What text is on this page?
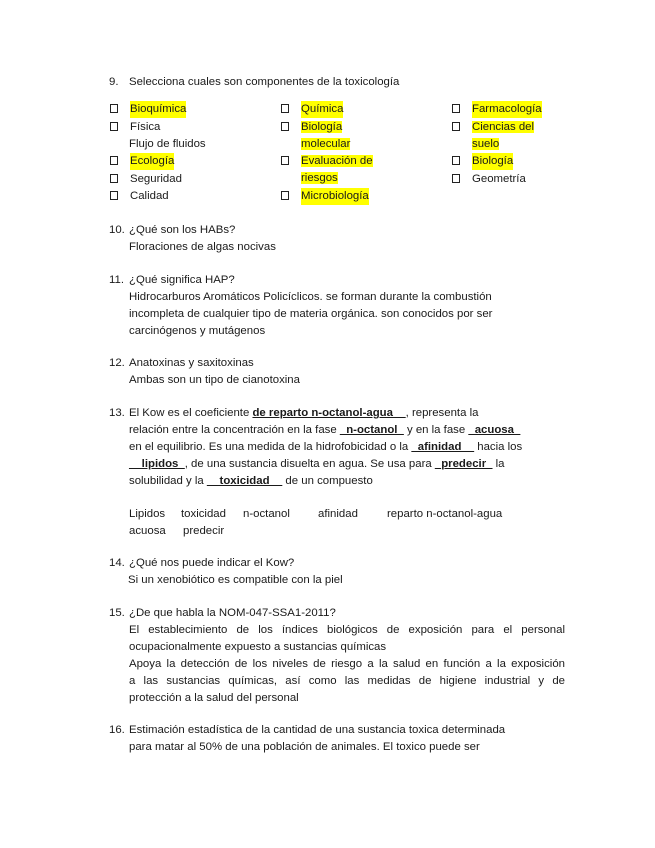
9. Selecciona cuales son componentes de la toxicología
Bioquímica
Física
Flujo de fluidos
Ecología
Seguridad
Calidad
Química
Biología
molecular
Evaluación de
riesgos
Microbiología
Farmacología
Ciencias del
suelo
Biología
Geometría
10. ¿Qué son los HABs?
Floraciones de algas nocivas
11. ¿Qué significa HAP?
Hidrocarburos Aromáticos Policíclicos. se forman durante la combustión
incompleta de cualquier tipo de materia orgánica. son conocidos por ser
carcinógenos y mutágenos
12. Anatoxinas y saxitoxinas
Ambas son un tipo de cianotoxina
13. El Kow es el coeficiente de reparto n-octanol-agua__, representa la
relación entre la concentración en la fase _n-octanol_ y en la fase _acuosa_
en el equilibrio. Es una medida de la hidrofobicidad o la _afinidad__ hacia los
__lipidos_, de una sustancia disuelta en agua. Se usa para _predecir_ la
solubilidad y la __toxicidad__ de un compuesto
Lipidos toxicidad n-octanol afinidad	reparto n-octanol-agua
acuosa predecir
14. ¿Qué nos puede indicar el Kow?
Si un xenobiótico es compatible con la piel
15. ¿De que habla la NOM-047-SSA1-2011?
El establecimiento de los índices biológicos de exposición para el personal
ocupacionalmente expuesto a sustancias químicas
Apoya la detección de los niveles de riesgo a la salud en función a la exposición
a las sustancias químicas, así como las medidas de higiene industrial y de
protección a la salud del personal
16. Estimación estadística de la cantidad de una sustancia toxica determinada
para matar al 50% de una población de animales. El toxico puede ser
